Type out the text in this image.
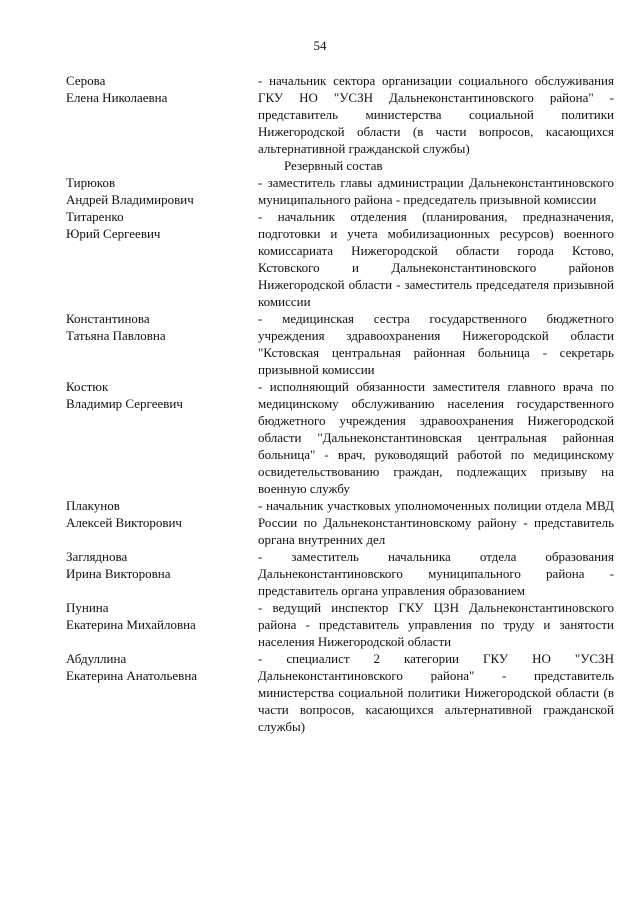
54
Серова
Елена Николаевна
- начальник сектора организации социального обслуживания ГКУ НО "УСЗН Дальнеконстантиновского района" - представитель министерства социальной политики Нижегородской области (в части вопросов, касающихся альтернативной гражданской службы)
Резервный состав
Тирюков
Андрей Владимирович
- заместитель главы администрации Дальнеконстантиновского муниципального района - председатель призывной комиссии
Титаренко
Юрий Сергеевич
- начальник отделения (планирования, предназначения, подготовки и учета мобилизационных ресурсов) военного комиссариата Нижегородской области города Кстово, Кстовского и Дальнеконстантиновского районов Нижегородской области - заместитель председателя призывной комиссии
Константинова
Татьяна Павловна
- медицинская сестра государственного бюджетного учреждения здравоохранения Нижегородской области "Кстовская центральная районная больница - секретарь призывной комиссии
Костюк
Владимир Сергеевич
- исполняющий обязанности заместителя главного врача по медицинскому обслуживанию населения государственного бюджетного учреждения здравоохранения Нижегородской области "Дальнеконстантиновская центральная районная больница" - врач, руководящий работой по медицинскому освидетельствованию граждан, подлежащих призыву на военную службу
Плакунов
Алексей Викторович
- начальник участковых уполномоченных полиции отдела МВД России по Дальнеконстантиновскому району - представитель органа внутренних дел
Загляднова
Ирина Викторовна
- заместитель начальника отдела образования Дальнеконстантиновского муниципального района - представитель органа управления образованием
Пунина
Екатерина Михайловна
- ведущий инспектор ГКУ ЦЗН Дальнеконстантиновского района - представитель управления по труду и занятости населения Нижегородской области
Абдуллина
Екатерина Анатольевна
- специалист 2 категории ГКУ НО "УСЗН Дальнеконстантиновского района" - представитель министерства социальной политики Нижегородской области (в части вопросов, касающихся альтернативной гражданской службы)
